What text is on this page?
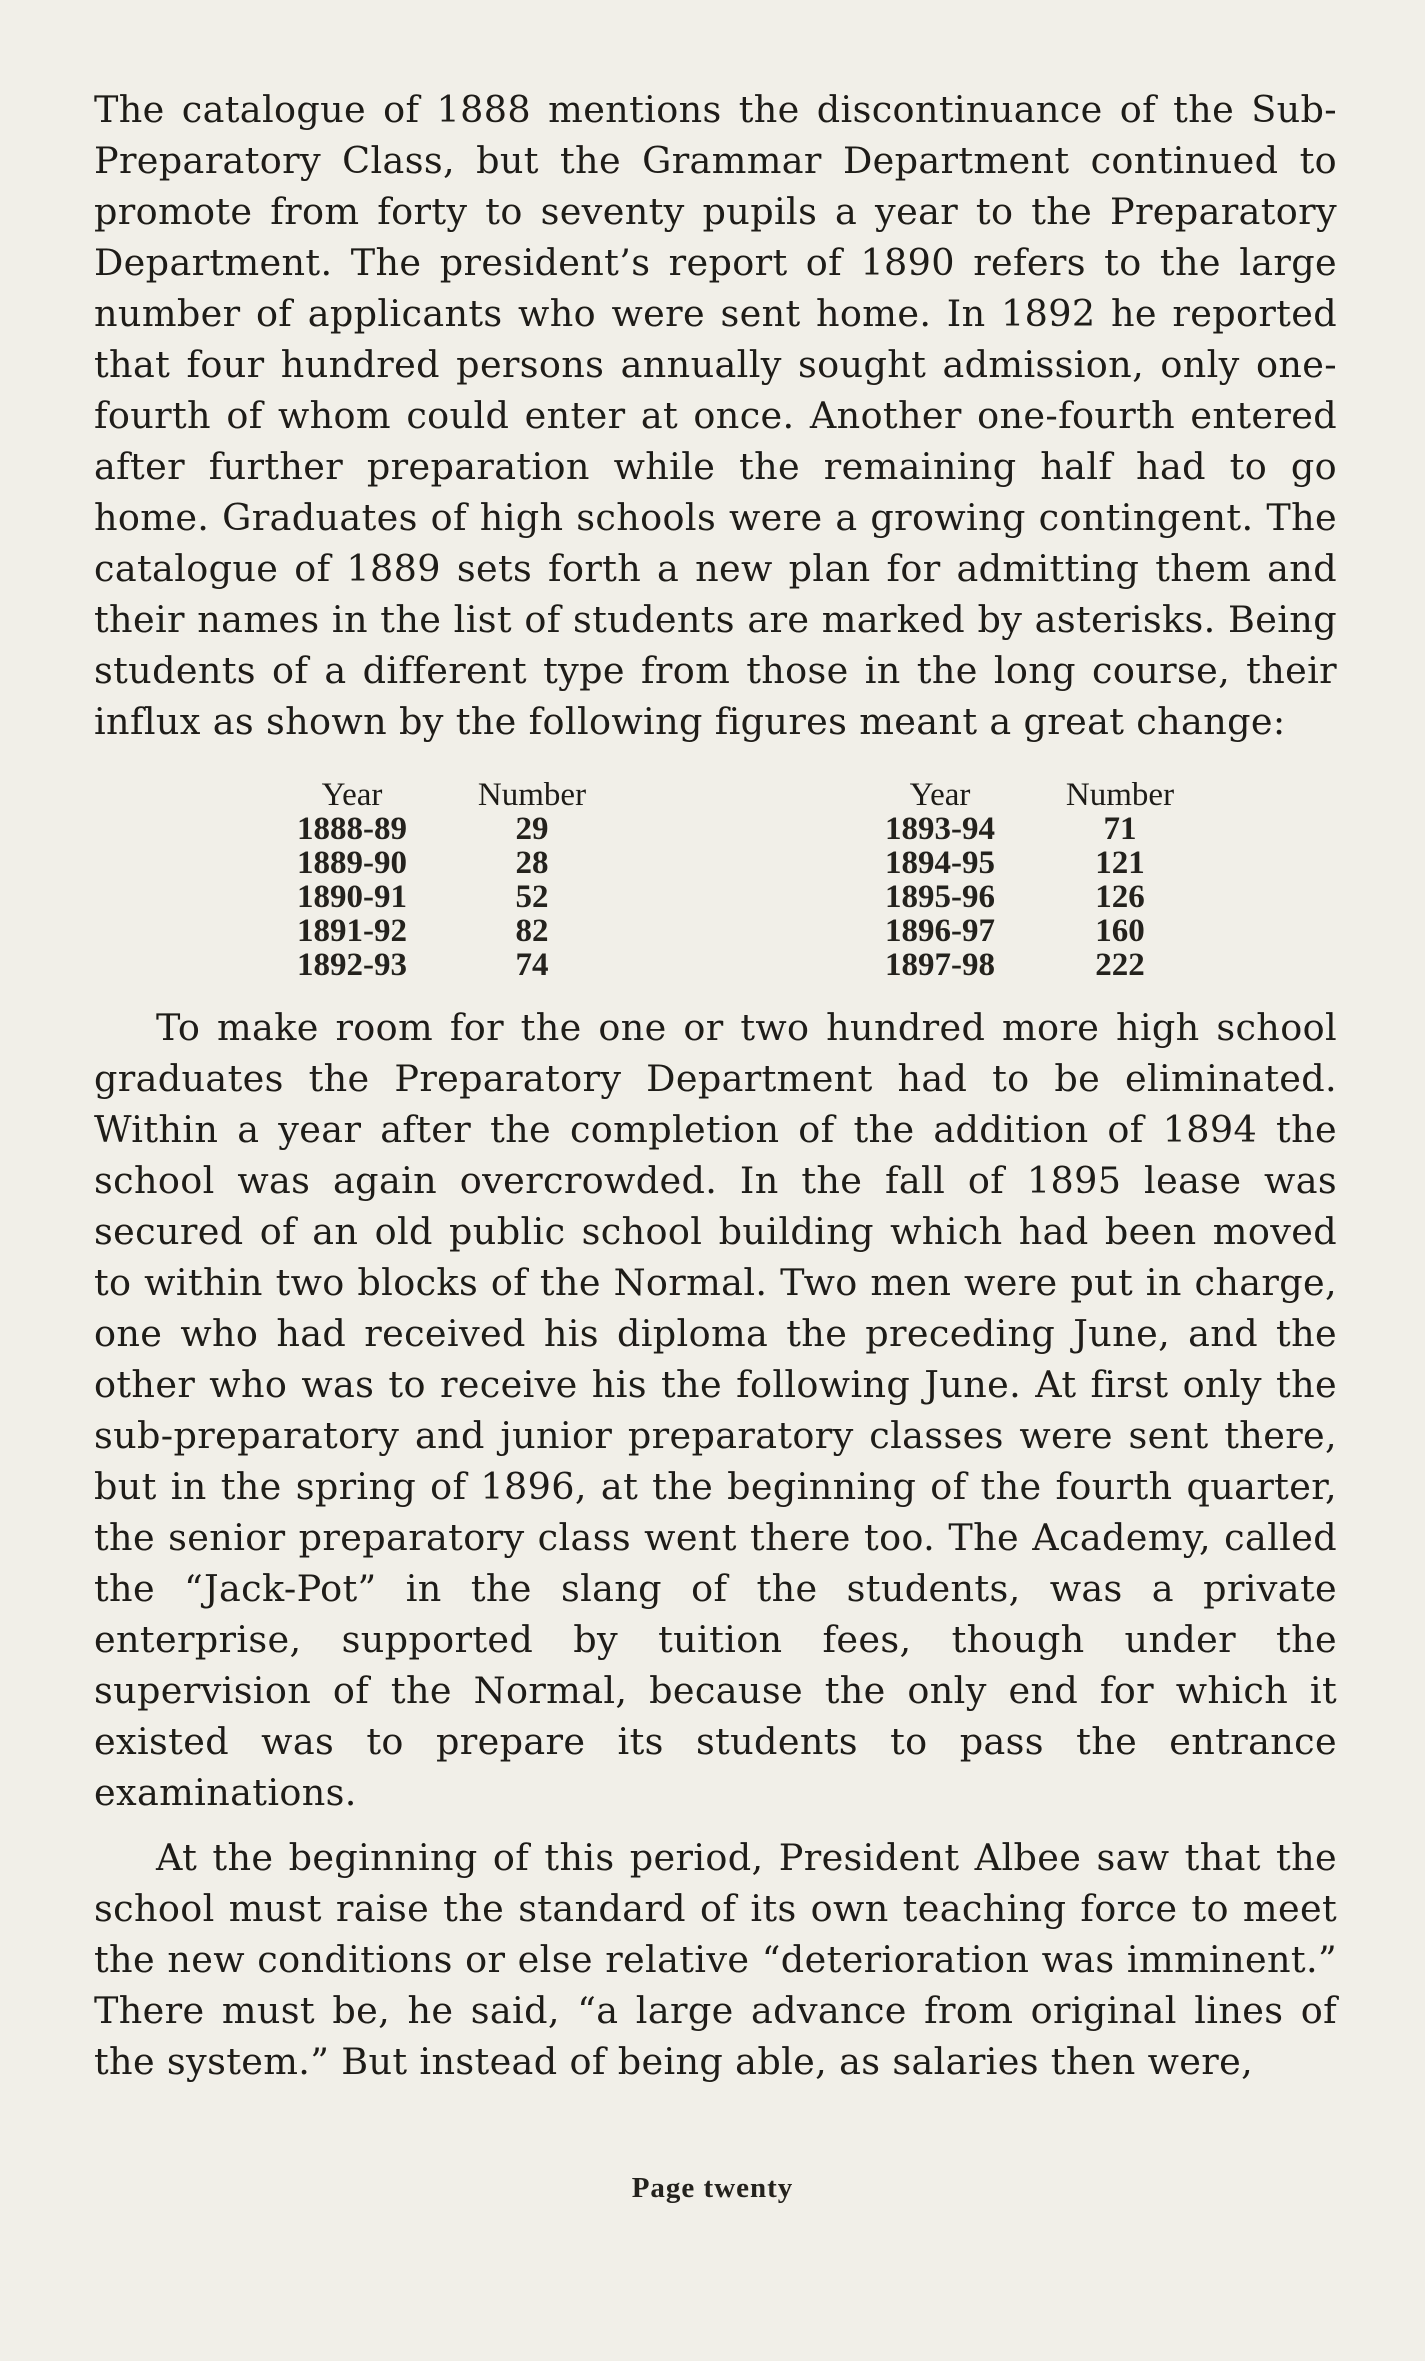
The catalogue of 1888 mentions the discontinuance of the Sub-Preparatory Class, but the Grammar Department continued to promote from forty to seventy pupils a year to the Preparatory Department. The president’s report of 1890 refers to the large number of applicants who were sent home. In 1892 he reported that four hundred persons annually sought admission, only one-fourth of whom could enter at once. Another one-fourth entered after further preparation while the remaining half had to go home. Graduates of high schools were a growing contingent. The catalogue of 1889 sets forth a new plan for admitting them and their names in the list of students are marked by asterisks. Being students of a different type from those in the long course, their influx as shown by the following figures meant a great change:

Year	Number
1888-89	29
1889-90	28
1890-91	52
1891-92	82
1892-93	74
Year	Number
1893-94	71
1894-95	121
1895-96	126
1896-97	160
1897-98	222

To make room for the one or two hundred more high school graduates the Preparatory Department had to be eliminated. Within a year after the completion of the addition of 1894 the school was again overcrowded. In the fall of 1895 lease was secured of an old public school building which had been moved to within two blocks of the Normal. Two men were put in charge, one who had received his diploma the preceding June, and the other who was to receive his the following June. At first only the sub-preparatory and junior preparatory classes were sent there, but in the spring of 1896, at the beginning of the fourth quarter, the senior preparatory class went there too. The Academy, called the “Jack-Pot” in the slang of the students, was a private enterprise, supported by tuition fees, though under the supervision of the Normal, because the only end for which it existed was to prepare its students to pass the entrance examinations.

At the beginning of this period, President Albee saw that the school must raise the standard of its own teaching force to meet the new conditions or else relative “deterioration was imminent.” There must be, he said, “a large advance from original lines of the system.” But instead of being able, as salaries then were,

Page twenty
